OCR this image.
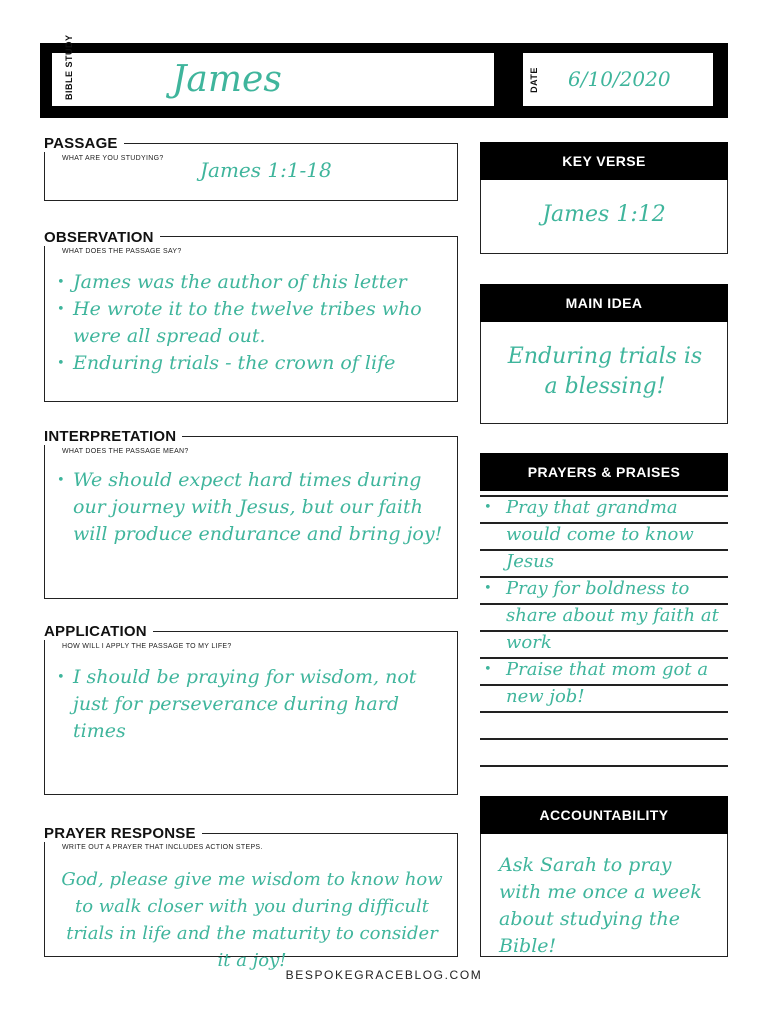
BIBLE STUDY	James	DATE 6/10/2020
James 1:1-18
PASSAGE
WHAT ARE YOU STUDYING?
• James was the author of this letter
• He wrote it to the twelve tribes who were all spread out.
• Enduring trials - the crown of life
OBSERVATION
WHAT DOES THE PASSAGE SAY?
• We should expect hard times during our journey with Jesus, but our faith will produce endurance and bring joy!
INTERPRETATION
WHAT DOES THE PASSAGE MEAN?
• I should be praying for wisdom, not just for perseverance during hard times
APPLICATION
HOW WILL I APPLY THE PASSAGE TO MY LIFE?
God, please give me wisdom to know how to walk closer with you during difficult trials in life and the maturity to consider it a joy!
PRAYER RESPONSE
WRITE OUT A PRAYER THAT INCLUDES ACTION STEPS.
KEY VERSE
James 1:12
MAIN IDEA
Enduring trials is a blessing!
PRAYERS & PRAISES
• Pray that grandma would come to know Jesus
• Pray for boldness to share about my faith at work
• Praise that mom got a new job!
ACCOUNTABILITY
Ask Sarah to pray with me once a week about studying the Bible!
BESPOKEGRACEBLOG.COM
